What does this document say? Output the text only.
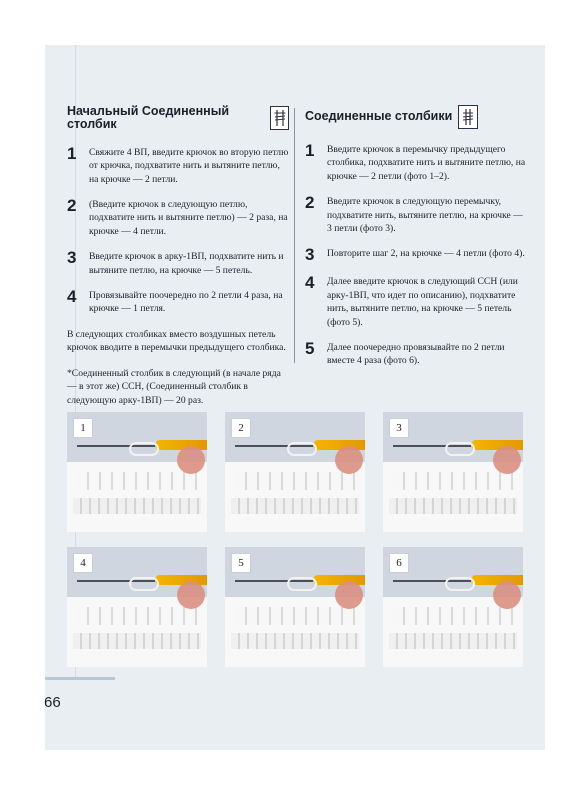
Начальный Соединенный столбик
1 Свяжите 4 ВП, введите крючок во вторую петлю от крючка, подхватите нить и вытяните петлю, на крючке — 2 петли.
2 (Введите крючок в следующую петлю, подхватите нить и вытяните петлю) — 2 раза, на крючке — 4 петли.
3 Введите крючок в арку-1ВП, подхватите нить и вытяните петлю, на крючке — 5 петель.
4 Провязывайте поочередно по 2 петли 4 раза, на крючке — 1 петля.
В следующих столбиках вместо воздушных петель крючок вводите в перемычки предыдущего столбика.
*Соединенный столбик в следующий (в начале ряда — в этот же) ССН, (Соединенный столбик в следующую арку-1ВП) — 20 раз.
Соединенные столбики
1 Введите крючок в перемычку предыдущего столбика, подхватите нить и вытяните петлю, на крючке — 2 петли (фото 1–2).
2 Введите крючок в следующую перемычку, подхватите нить, вытяните петлю, на крючке — 3 петли (фото 3).
3 Повторите шаг 2, на крючке — 4 петли (фото 4).
4 Далее введите крючок в следующий ССН (или арку-1ВП, что идет по описанию), подхватите нить, вытяните петлю, на крючке — 5 петель (фото 5).
5 Далее поочередно провязывайте по 2 петли вместе 4 раза (фото 6).
1	2	3
4	5	6
66
